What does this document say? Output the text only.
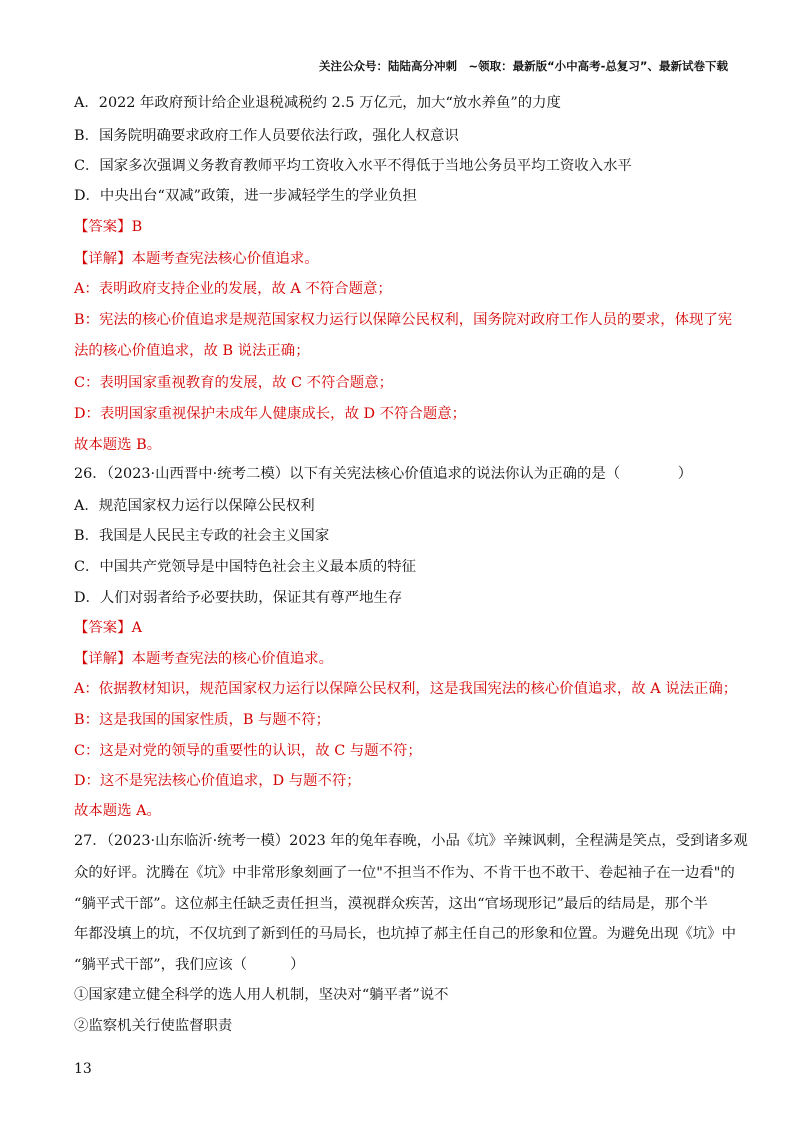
关注公众号：陆陆高分冲刺　~领取：最新版“小中高考-总复习”、最新试卷下载
A．2022 年政府预计给企业退税减税约 2.5 万亿元，加大“放水养鱼”的力度
B．国务院明确要求政府工作人员要依法行政，强化人权意识
C．国家多次强调义务教育教师平均工资收入水平不得低于当地公务员平均工资收入水平
D．中央出台“双减”政策，进一步减轻学生的学业负担
【答案】B
【详解】本题考查宪法核心价值追求。
A：表明政府支持企业的发展，故 A 不符合题意；
B：宪法的核心价值追求是规范国家权力运行以保障公民权利，国务院对政府工作人员的要求，体现了宪
法的核心价值追求，故 B 说法正确；
C：表明国家重视教育的发展，故 C 不符合题意；
D：表明国家重视保护未成年人健康成长，故 D 不符合题意；
故本题选 B。
26．（2023·山西晋中·统考二模）以下有关宪法核心价值追求的说法你认为正确的是（　　　　）
A．规范国家权力运行以保障公民权利
B．我国是人民民主专政的社会主义国家
C．中国共产党领导是中国特色社会主义最本质的特征
D．人们对弱者给予必要扶助，保证其有尊严地生存
【答案】A
【详解】本题考查宪法的核心价值追求。
A：依据教材知识，规范国家权力运行以保障公民权利，这是我国宪法的核心价值追求，故 A 说法正确；
B：这是我国的国家性质，B 与题不符；
C：这是对党的领导的重要性的认识，故 C 与题不符；
D：这不是宪法核心价值追求，D 与题不符；
故本题选 A。
27．（2023·山东临沂·统考一模）2023 年的兔年春晚，小品《坑》辛辣讽刺，全程满是笑点，受到诸多观
众的好评。沈腾在《坑》中非常形象刻画了一位"不担当不作为、不肯干也不敢干、卷起袖子在一边看"的
“躺平式干部”。这位郝主任缺乏责任担当，漠视群众疾苦，这出“官场现形记”最后的结局是，那个半
年都没填上的坑，不仅坑到了新到任的马局长，也坑掉了郝主任自己的形象和位置。为避免出现《坑》中
“躺平式干部”，我们应该（　　　）
①国家建立健全科学的选人用人机制，坚决对“躺平者”说不
②监察机关行使监督职责
13
